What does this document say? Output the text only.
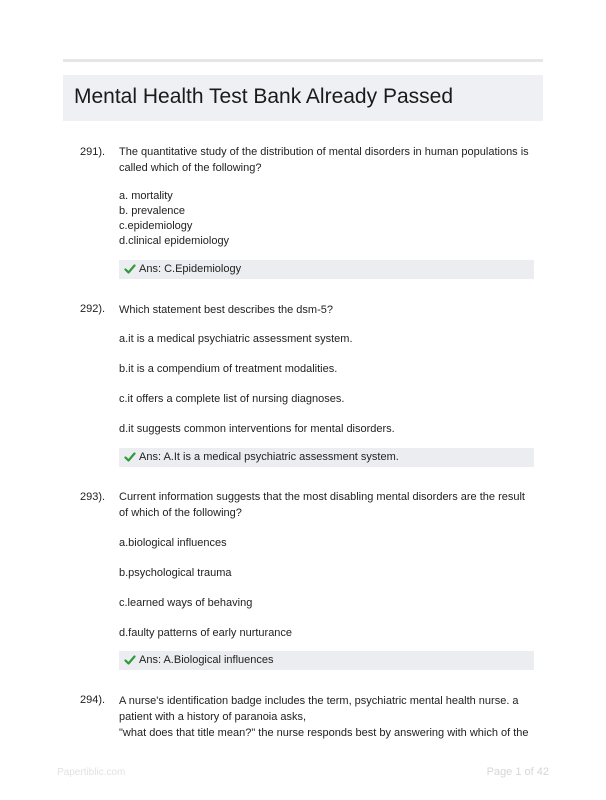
Mental Health Test Bank Already Passed
291). The quantitative study of the distribution of mental disorders in human populations is called which of the following?
a. mortality
b. prevalence
c.epidemiology
d.clinical epidemiology
Ans: C.Epidemiology
292). Which statement best describes the dsm-5?
a.it is a medical psychiatric assessment system.
b.it is a compendium of treatment modalities.
c.it offers a complete list of nursing diagnoses.
d.it suggests common interventions for mental disorders.
Ans: A.It is a medical psychiatric assessment system.
293). Current information suggests that the most disabling mental disorders are the result of which of the following?
a.biological influences
b.psychological trauma
c.learned ways of behaving
d.faulty patterns of early nurturance
Ans: A.Biological influences
294). A nurse's identification badge includes the term, psychiatric mental health nurse. a
patient with a history of paranoia asks,
"what does that title mean?" the nurse responds best by answering with which of the
Papertiblic.com	Page 1 of 42
